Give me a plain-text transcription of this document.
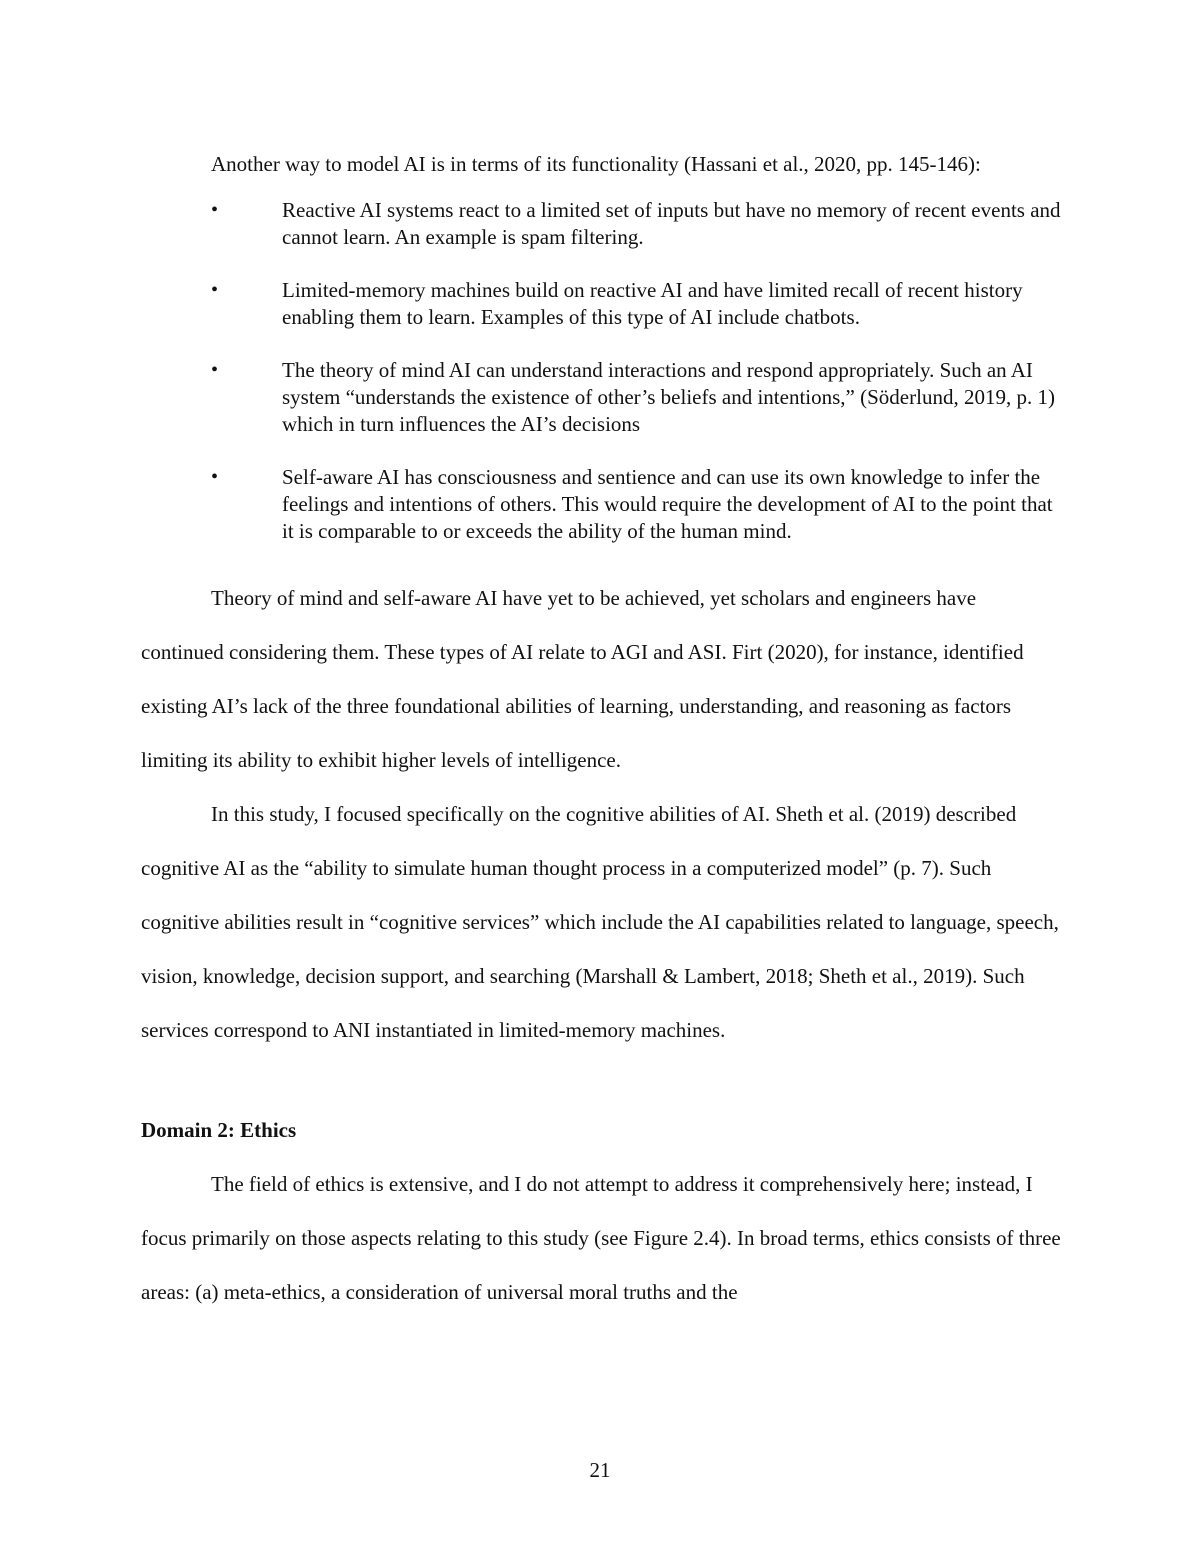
Another way to model AI is in terms of its functionality (Hassani et al., 2020, pp. 145-146):

•	Reactive AI systems react to a limited set of inputs but have no memory of recent events and cannot learn. An example is spam filtering.
•	Limited-memory machines build on reactive AI and have limited recall of recent history enabling them to learn. Examples of this type of AI include chatbots.
•	The theory of mind AI can understand interactions and respond appropriately. Such an AI system “understands the existence of other’s beliefs and intentions,” (Söderlund, 2019, p. 1) which in turn influences the AI’s decisions
•	Self-aware AI has consciousness and sentience and can use its own knowledge to infer the feelings and intentions of others. This would require the development of AI to the point that it is comparable to or exceeds the ability of the human mind.

Theory of mind and self-aware AI have yet to be achieved, yet scholars and engineers have continued considering them. These types of AI relate to AGI and ASI. Firt (2020), for instance, identified existing AI’s lack of the three foundational abilities of learning, understanding, and reasoning as factors limiting its ability to exhibit higher levels of intelligence.

In this study, I focused specifically on the cognitive abilities of AI. Sheth et al. (2019) described cognitive AI as the “ability to simulate human thought process in a computerized model” (p. 7). Such cognitive abilities result in “cognitive services” which include the AI capabilities related to language, speech, vision, knowledge, decision support, and searching (Marshall & Lambert, 2018; Sheth et al., 2019). Such services correspond to ANI instantiated in limited-memory machines.

Domain 2: Ethics

The field of ethics is extensive, and I do not attempt to address it comprehensively here; instead, I focus primarily on those aspects relating to this study (see Figure 2.4). In broad terms, ethics consists of three areas: (a) meta-ethics, a consideration of universal moral truths and the

21
